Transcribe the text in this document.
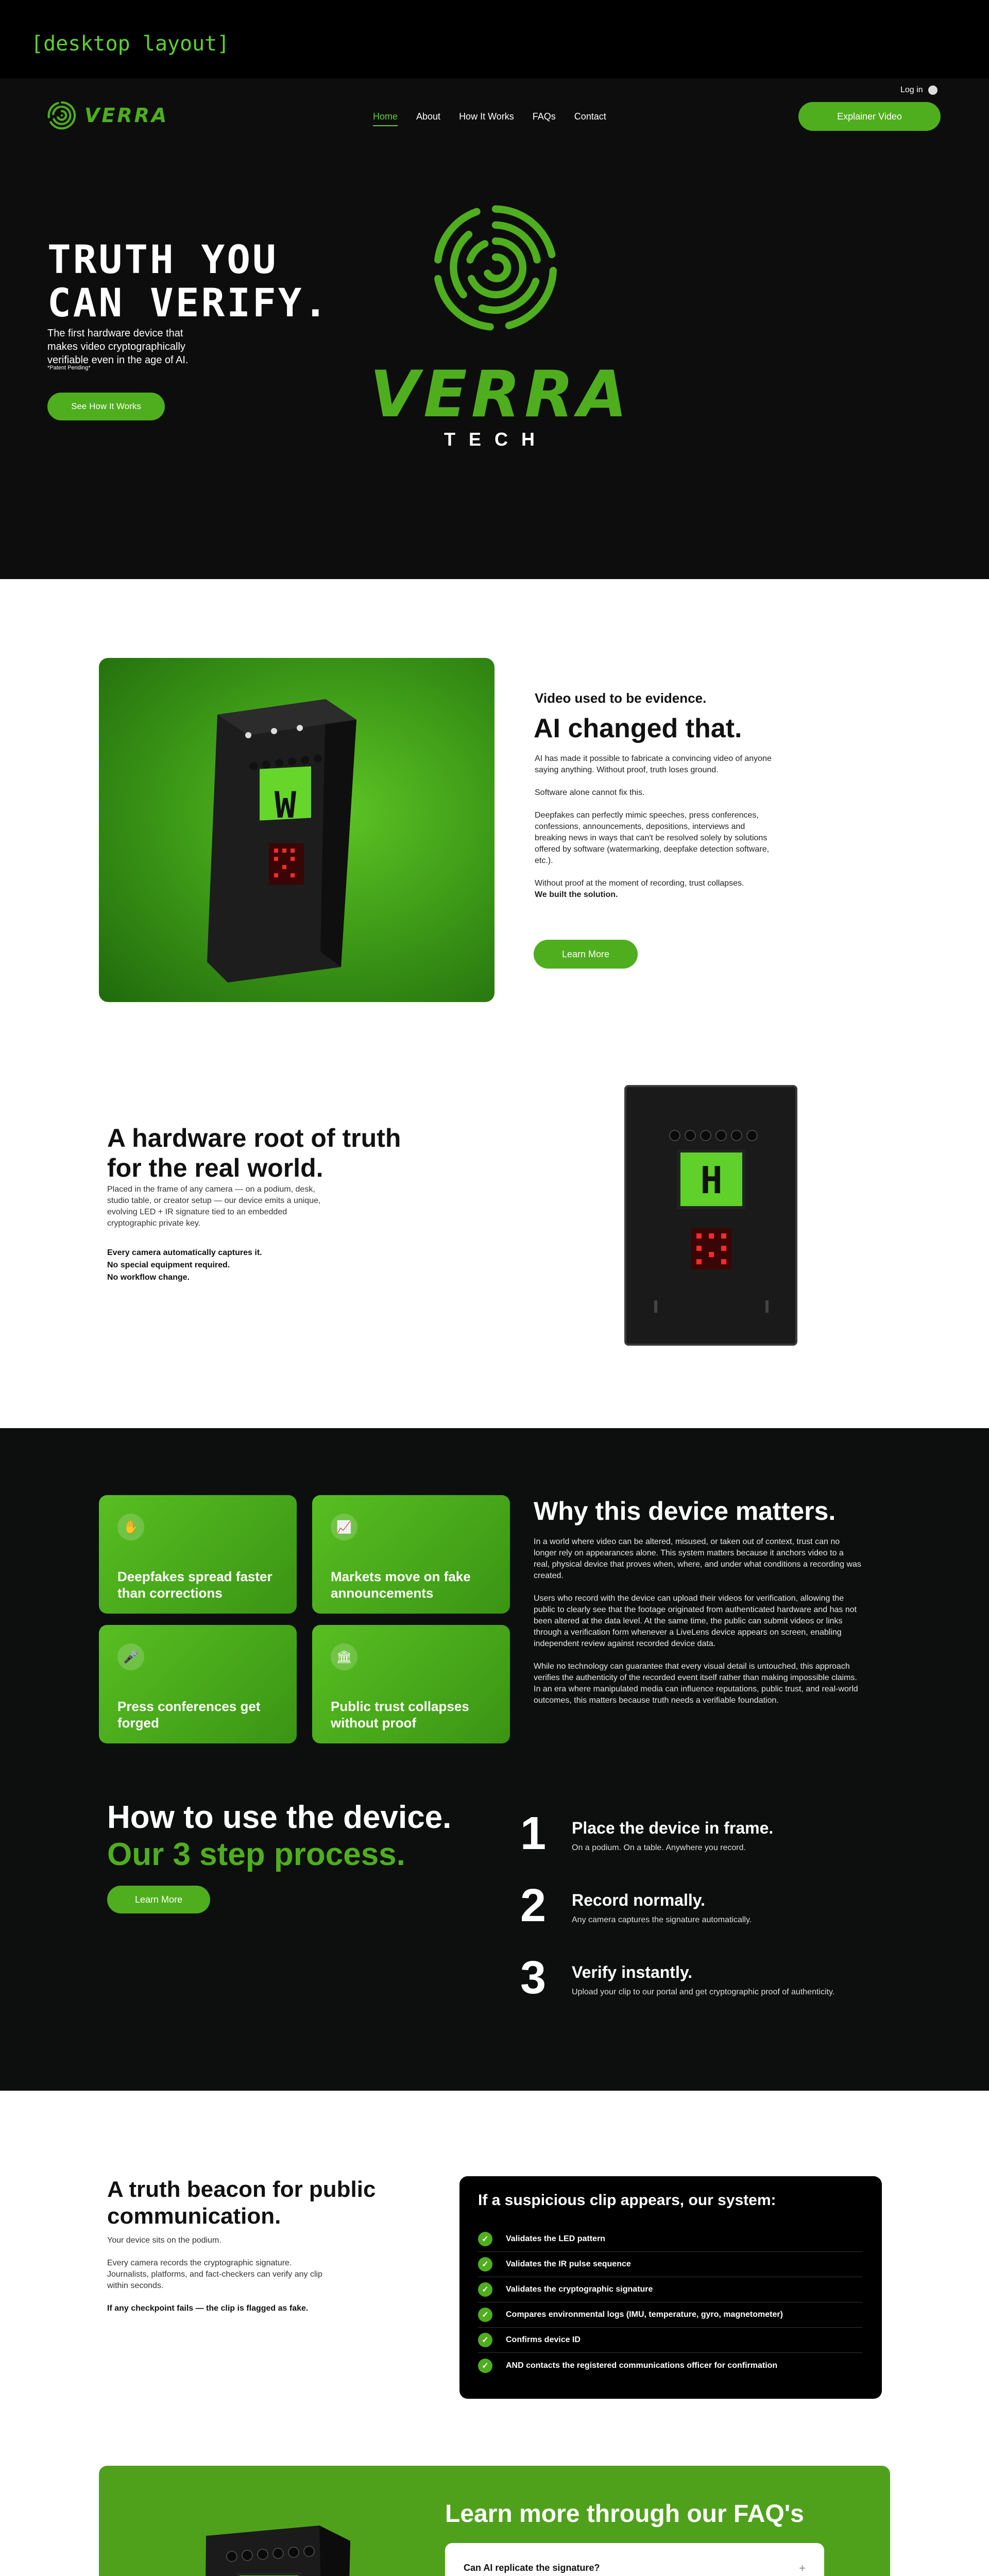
[desktop layout]
VERRA
Log in
Home About How It Works FAQs Contact	Explainer Video
TRUTH YOU
CAN VERIFY.

The first hardware device that makes video cryptographically verifiable even in the age of AI.

*Patent Pending*

See How It Works	VERRA
TECH
W
Video used to be evidence.
AI changed that.

AI has made it possible to fabricate a convincing video of anyone saying anything. Without proof, truth loses ground.

Software alone cannot fix this.

Deepfakes can perfectly mimic speeches, press conferences, confessions, announcements, depositions, interviews and breaking news in ways that can't be resolved solely by solutions offered by software (watermarking, deepfake detection software, etc.).

Without proof at the moment of recording, trust collapses.
We built the solution.

Learn More
A hardware root of truth for the real world.

Placed in the frame of any camera — on a podium, desk, studio table, or creator setup — our device emits a unique, evolving LED + IR signature tied to an embedded cryptographic private key.

Every camera automatically captures it.
No special equipment required.
No workflow change.
H
✋
Deepfakes spread faster than corrections
📈
Markets move on fake announcements
🎤
Press conferences get forged
🏛
Public trust collapses without proof
Why this device matters.

In a world where video can be altered, misused, or taken out of context, trust can no longer rely on appearances alone. This system matters because it anchors video to a real, physical device that proves when, where, and under what conditions a recording was created.

Users who record with the device can upload their videos for verification, allowing the public to clearly see that the footage originated from authenticated hardware and has not been altered at the data level. At the same time, the public can submit videos or links through a verification form whenever a LiveLens device appears on screen, enabling independent review against recorded device data.

While no technology can guarantee that every visual detail is untouched, this approach verifies the authenticity of the recorded event itself rather than making impossible claims. In an era where manipulated media can influence reputations, public trust, and real-world outcomes, this matters because truth needs a verifiable foundation.

How to use the device.
Our 3 step process.
Learn More
1 Place the device in frame.
On a podium. On a table. Anywhere you record.
2 Record normally.
Any camera captures the signature automatically.
3 Verify instantly.
Upload your clip to our portal and get cryptographic proof of authenticity.
A truth beacon for public communication.

Your device sits on the podium.

Every camera records the cryptographic signature. Journalists, platforms, and fact-checkers can verify any clip within seconds.

If any checkpoint fails — the clip is flagged as fake.

If a suspicious clip appears, our system:
✓	Validates the LED pattern
✓	Validates the IR pulse sequence
✓	Validates the cryptographic signature
✓	Compares environmental logs (IMU, temperature, gyro, magnetometer)
✓	Confirms device ID
✓	AND contacts the registered communications officer for confirmation
Learn more through our FAQ's
Can AI replicate the signature?	+
